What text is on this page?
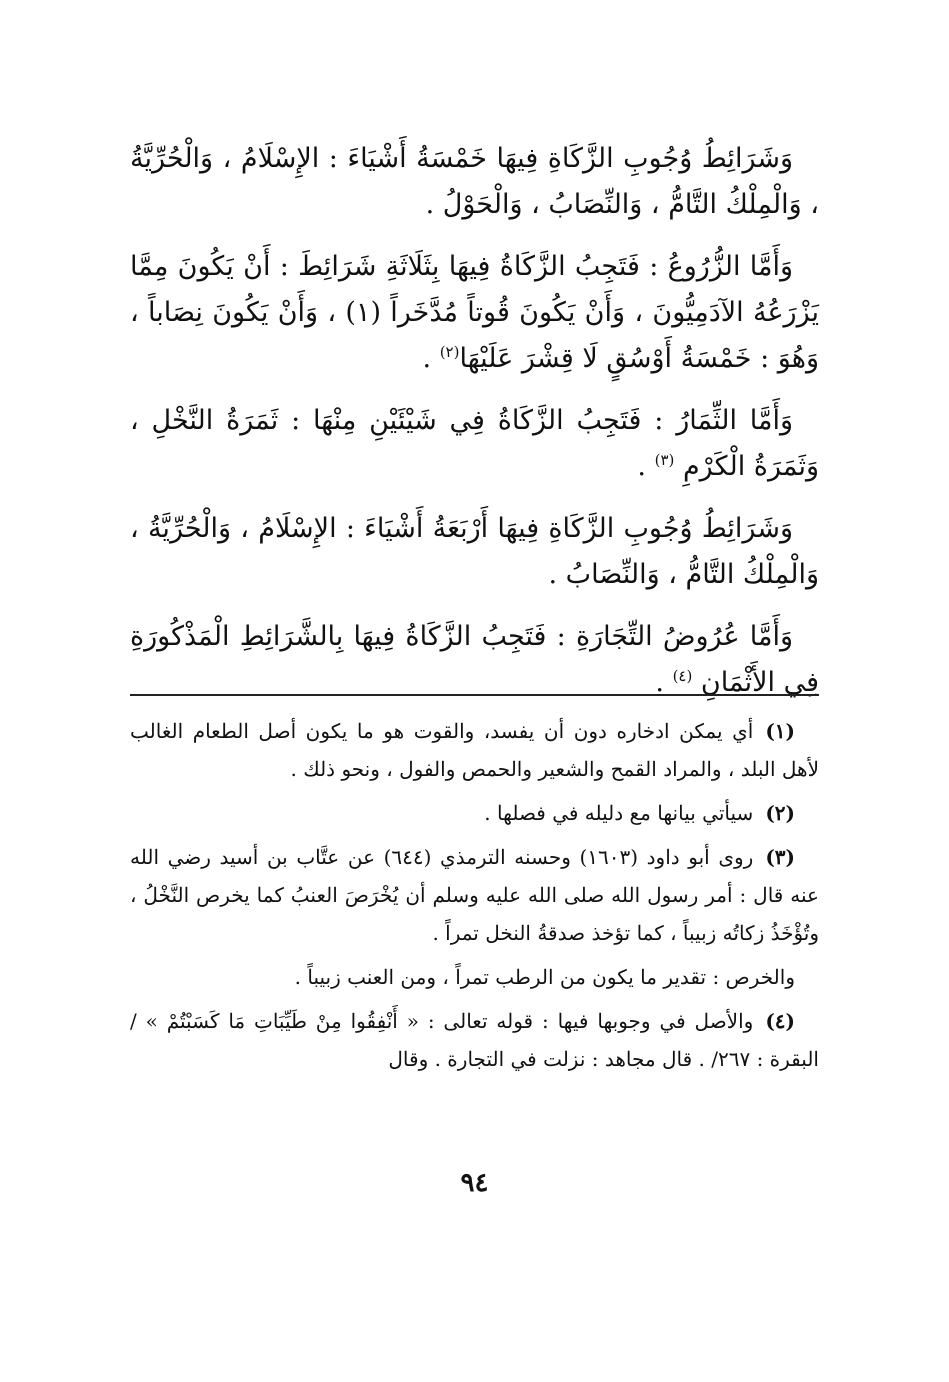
وَشَرَائِطُ وُجُوبِ الزَّكَاةِ فِيهَا خَمْسَةُ أَشْيَاءَ : الإِسْلَامُ ، وَالْحُرِّيَّةُ ، وَالْمِلْكُ التَّامُّ ، وَالنِّصَابُ ، وَالْحَوْلُ .

وَأَمَّا الزُّرُوعُ : فَتَجِبُ الزَّكَاةُ فِيهَا بِثَلَاثَةِ شَرَائِطَ : أَنْ يَكُونَ مِمَّا يَزْرَعُهُ الآدَمِيُّونَ ، وَأَنْ يَكُونَ قُوتاً مُدَّخَراً (١) ، وَأَنْ يَكُونَ نِصَاباً ، وَهُوَ : خَمْسَةُ أَوْسُقٍ لَا قِشْرَ عَلَيْهَا$^{(٢)}$ .

وَأَمَّا الثِّمَارُ : فَتَجِبُ الزَّكَاةُ فِي شَيْئَيْنِ مِنْهَا : ثَمَرَةُ النَّخْلِ ، وَثَمَرَةُ الْكَرْمِ $^{(٣)}$ .

وَشَرَائِطُ وُجُوبِ الزَّكَاةِ فِيهَا أَرْبَعَةُ أَشْيَاءَ : الإِسْلَامُ ، وَالْحُرِّيَّةُ ، وَالْمِلْكُ التَّامُّ ، وَالنِّصَابُ .

وَأَمَّا عُرُوضُ التِّجَارَةِ : فَتَجِبُ الزَّكَاةُ فِيهَا بِالشَّرَائِطِ الْمَذْكُورَةِ فِي الأَثْمَانِ $^{(٤)}$ .

(١)أي يمكن ادخاره دون أن يفسد، والقوت هو ما يكون أصل الطعام الغالب لأهل البلد ، والمراد القمح والشعير والحمص والفول ، ونحو ذلك .

(٢)سيأتي بيانها مع دليله في فصلها .

(٣)روى أبو داود (١٦٠٣) وحسنه الترمذي (٦٤٤) عن عتَّاب بن أسيد رضي الله عنه قال : أمر رسول الله صلى الله عليه وسلم أن يُخْرَصَ العنبُ كما يخرص النَّخْلُ ، وتُؤْخَذُ زكاتُه زبيباً ، كما تؤخذ صدقةُ النخل تمراً .

والخرص : تقدير ما يكون من الرطب تمراً ، ومن العنب زبيباً .

(٤)والأصل في وجوبها فيها : قوله تعالى : « أَنْفِقُوا مِنْ طَيِّبَاتِ مَا كَسَبْتُمْ » / البقرة : ٢٦٧/ . قال مجاهد : نزلت في التجارة . وقال

٩٤
